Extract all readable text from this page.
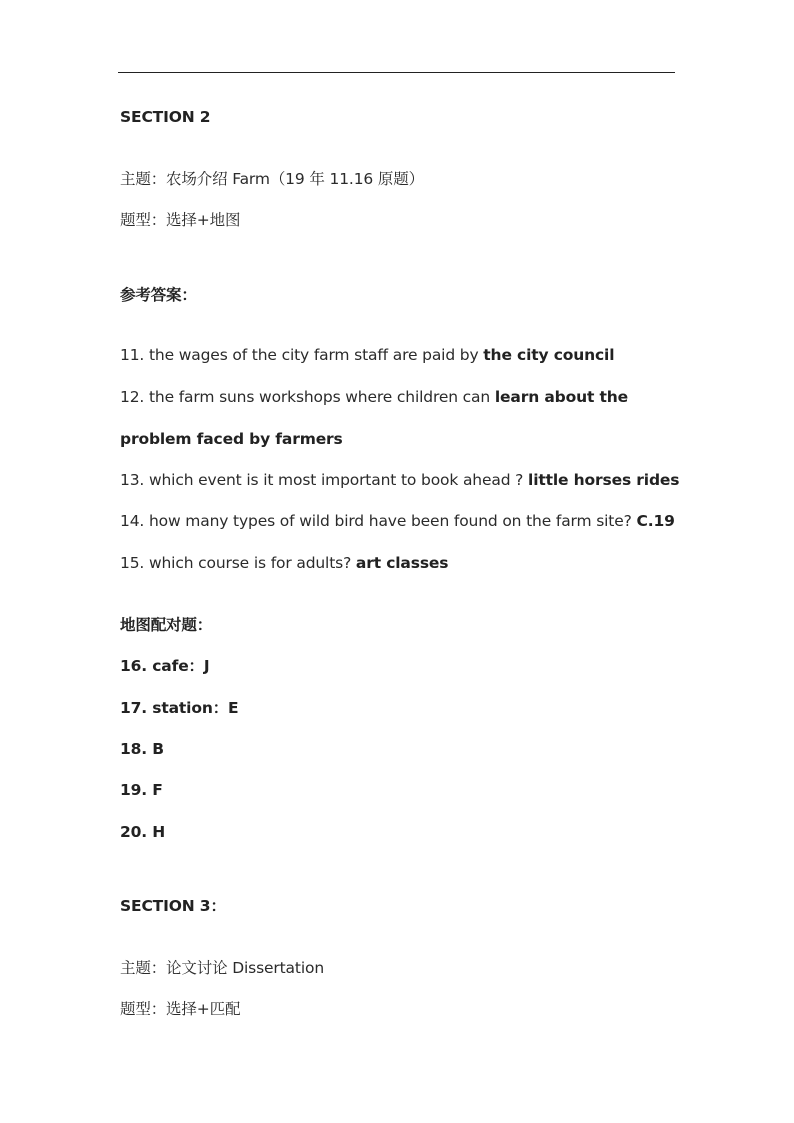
SECTION 2
主题：农场介绍 Farm（19 年 11.16 原题）
题型：选择+地图
参考答案：
11. the wages of the city farm staff are paid by the city council
12. the farm suns workshops where children can learn about the
problem faced by farmers
13. which event is it most important to book ahead ? little horses rides
14. how many types of wild bird have been found on the farm site? C.19
15. which course is for adults? art classes
地图配对题：
16. cafe：J
17. station：E
18. B
19. F
20. H
SECTION 3：
主题：论文讨论 Dissertation
题型：选择+匹配
